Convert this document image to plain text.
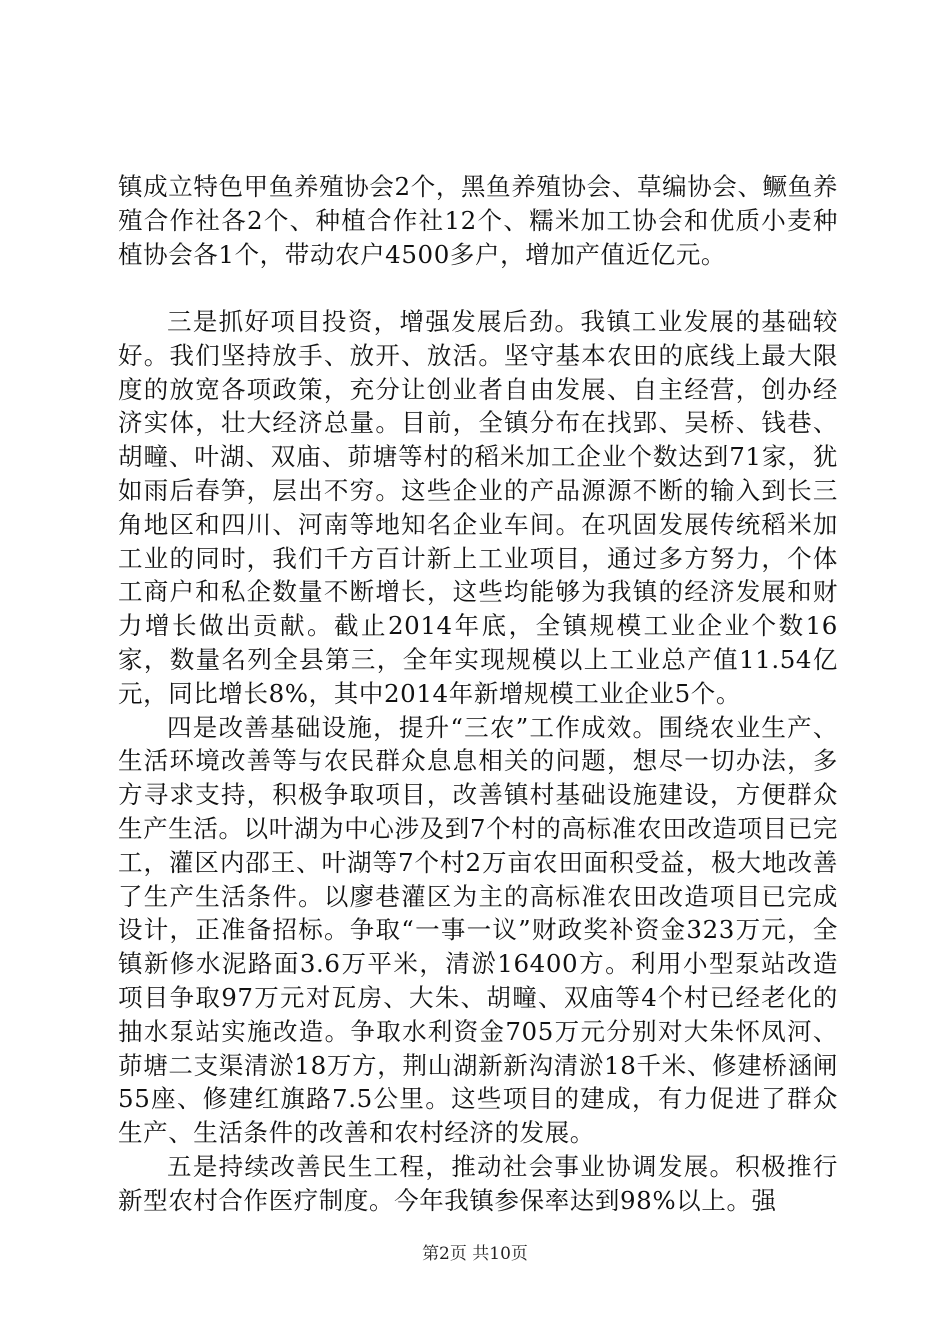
镇成立特色甲鱼养殖协会2个，黑鱼养殖协会、草编协会、鳜鱼养殖合作社各2个、种植合作社12个、糯米加工协会和优质小麦种植协会各1个，带动农户4500多户，增加产值近亿元。

三是抓好项目投资，增强发展后劲。我镇工业发展的基础较好。我们坚持放手、放开、放活。坚守基本农田的底线上最大限度的放宽各项政策，充分让创业者自由发展、自主经营，创办经济实体，壮大经济总量。目前，全镇分布在找郢、吴桥、钱巷、胡疃、叶湖、双庙、茆塘等村的稻米加工企业个数达到71家，犹如雨后春笋，层出不穷。这些企业的产品源源不断的输入到长三角地区和四川、河南等地知名企业车间。在巩固发展传统稻米加工业的同时，我们千方百计新上工业项目，通过多方努力，个体工商户和私企数量不断增长，这些均能够为我镇的经济发展和财力增长做出贡献。截止2014年底，全镇规模工业企业个数16家，数量名列全县第三，全年实现规模以上工业总产值11.54亿元，同比增长8%，其中2014年新增规模工业企业5个。

四是改善基础设施，提升“三农”工作成效。围绕农业生产、生活环境改善等与农民群众息息相关的问题，想尽一切办法，多方寻求支持，积极争取项目，改善镇村基础设施建设，方便群众生产生活。以叶湖为中心涉及到7个村的高标准农田改造项目已完工，灌区内邵王、叶湖等7个村2万亩农田面积受益，极大地改善了生产生活条件。以廖巷灌区为主的高标准农田改造项目已完成设计，正准备招标。争取“一事一议”财政奖补资金323万元，全镇新修水泥路面3.6万平米，清淤16400方。利用小型泵站改造项目争取97万元对瓦房、大朱、胡疃、双庙等4个村已经老化的抽水泵站实施改造。争取水利资金705万元分别对大朱怀凤河、茆塘二支渠清淤18万方，荆山湖新新沟清淤18千米、修建桥涵闸55座、修建红旗路7.5公里。这些项目的建成，有力促进了群众生产、生活条件的改善和农村经济的发展。

五是持续改善民生工程，推动社会事业协调发展。积极推行新型农村合作医疗制度。今年我镇参保率达到98%以上。强

第2页 共10页
